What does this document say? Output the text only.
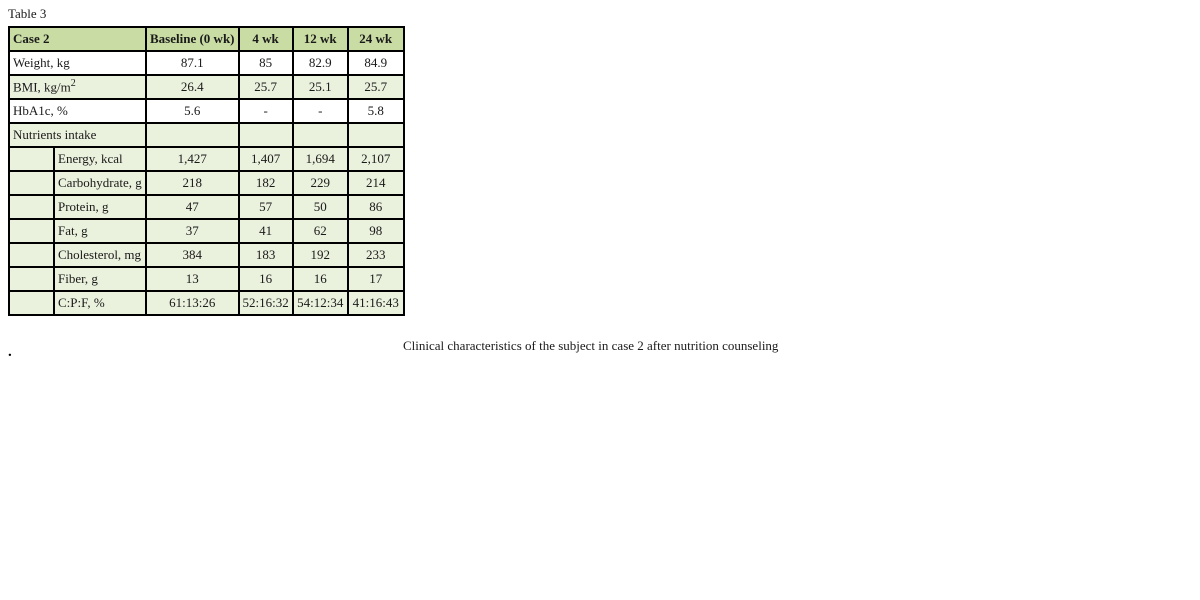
Table 3
Case 2		Baseline (0 wk)	4 wk	12 wk	24 wk
Weight, kg		87.1	85	82.9	84.9
BMI, $kg/m^2$		26.4	25.7	25.1	25.7
HbA1c, %		5.6	-	-	5.8
Nutrients intake					
	Energy, kcal	1,427	1,407	1,694	2,107
	Carbohydrate, g	218	182	229	214
	Protein, g	47	57	50	86
	Fat, g	37	41	62	98
	Cholesterol, mg	384	183	192	233
	Fiber, g	13	16	16	17
	C:P:F, %	61:13:26	52:16:32	54:12:34	41:16:43
Clinical characteristics of the subject in case 2 after nutrition counseling
.
